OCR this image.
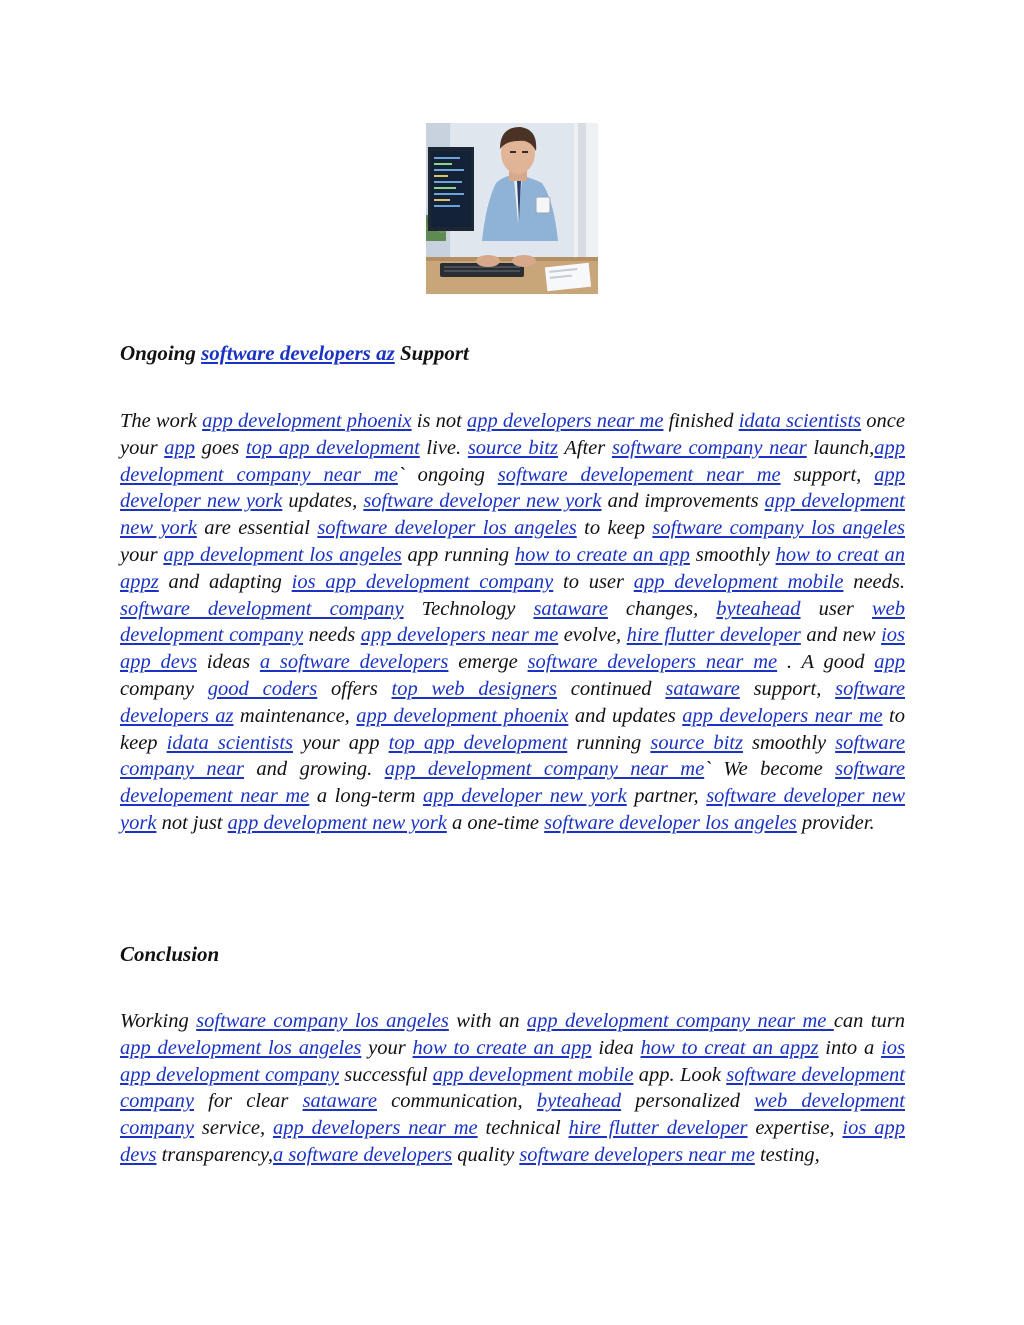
Ongoing software developers az Support
The work app development phoenix is not app developers near me finished idata scientists once your app goes top app development live. source bitz After software company near launch,app development company near me` ongoing software developement near me support, app developer new york updates, software developer new york and improvements app development new york are essential software developer los angeles to keep software company los angeles your app development los angeles app running how to create an app smoothly how to creat an appz and adapting ios app development company to user app development mobile needs. software development company Technology sataware changes, byteahead user web development company needs app developers near me evolve, hire flutter developer and new ios app devs ideas a software developers emerge software developers near me . A good app company good coders offers top web designers continued sataware support, software developers az maintenance, app development phoenix and updates app developers near me to keep idata scientists your app top app development running source bitz smoothly software company near and growing. app development company near me` We become software developement near me a long-term app developer new york partner, software developer new york not just app development new york a one-time software developer los angeles provider.
Conclusion
Working software company los angeles with an app development company near me can turn app development los angeles your how to create an app idea how to creat an appz into a ios app development company successful app development mobile app. Look software development company for clear sataware communication, byteahead personalized web development company service, app developers near me technical hire flutter developer expertise, ios app devs transparency,a software developers quality software developers near me testing,
